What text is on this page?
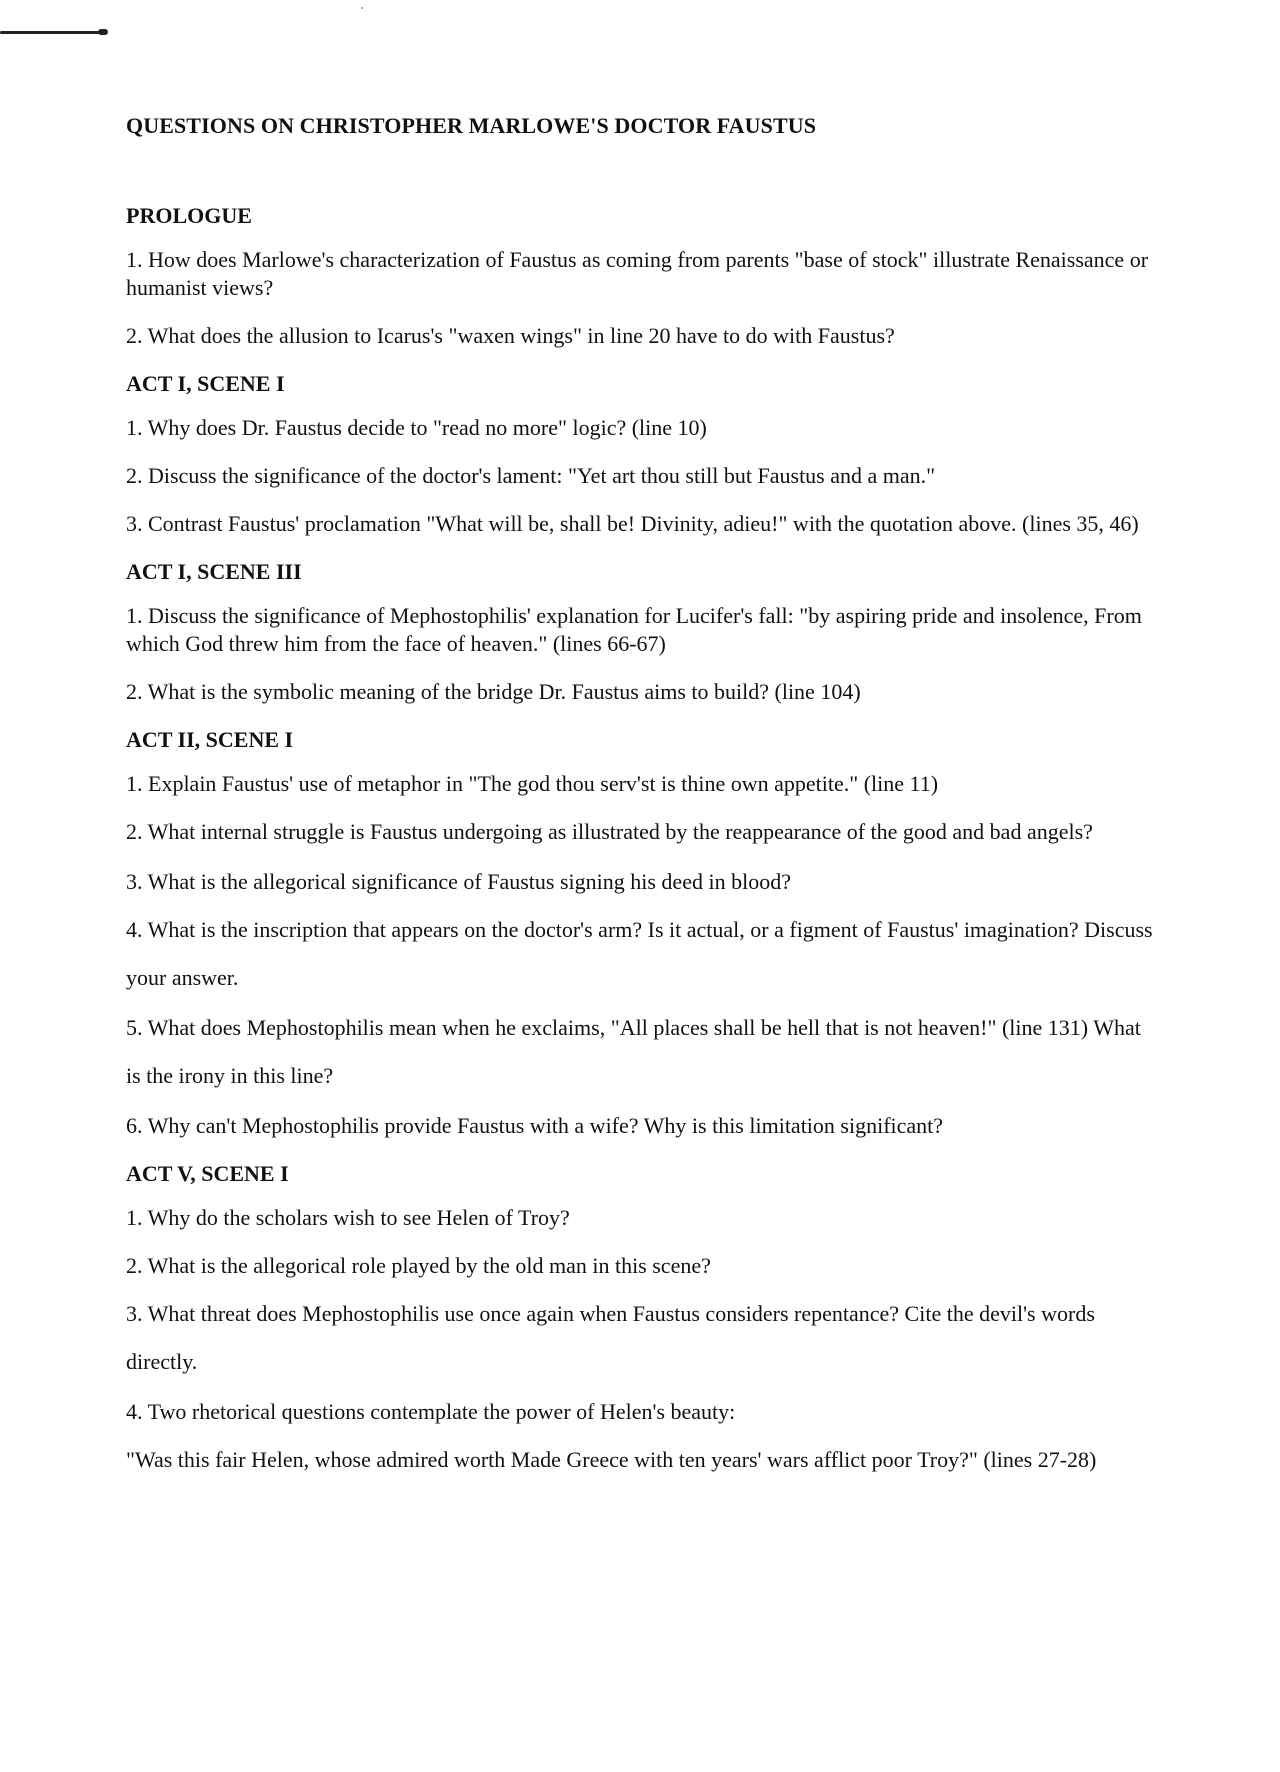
QUESTIONS ON CHRISTOPHER MARLOWE'S DOCTOR FAUSTUS
PROLOGUE

1. How does Marlowe's characterization of Faustus as coming from parents "base of stock" illustrate Renaissance or humanist views?

2. What does the allusion to Icarus's "waxen wings" in line 20 have to do with Faustus?

ACT I, SCENE I

1. Why does Dr. Faustus decide to "read no more" logic? (line 10)

2. Discuss the significance of the doctor's lament: "Yet art thou still but Faustus and a man."

3. Contrast Faustus' proclamation "What will be, shall be! Divinity, adieu!" with the quotation above. (lines 35, 46)

ACT I, SCENE III

1. Discuss the significance of Mephostophilis' explanation for Lucifer's fall: "by aspiring pride and insolence, From which God threw him from the face of heaven." (lines 66-67)

2. What is the symbolic meaning of the bridge Dr. Faustus aims to build? (line 104)

ACT II, SCENE I

1. Explain Faustus' use of metaphor in "The god thou serv'st is thine own appetite." (line 11)

2. What internal struggle is Faustus undergoing as illustrated by the reappearance of the good and bad angels?

3. What is the allegorical significance of Faustus signing his deed in blood?

4. What is the inscription that appears on the doctor's arm? Is it actual, or a figment of Faustus' imagination? Discuss your answer.

5. What does Mephostophilis mean when he exclaims, "All places shall be hell that is not heaven!" (line 131) What is the irony in this line?

6. Why can't Mephostophilis provide Faustus with a wife? Why is this limitation significant?

ACT V, SCENE I

1. Why do the scholars wish to see Helen of Troy?

2. What is the allegorical role played by the old man in this scene?

3. What threat does Mephostophilis use once again when Faustus considers repentance? Cite the devil's words directly.

4. Two rhetorical questions contemplate the power of Helen's beauty:

"Was this fair Helen, whose admired worth Made Greece with ten years' wars afflict poor Troy?" (lines 27-28)
